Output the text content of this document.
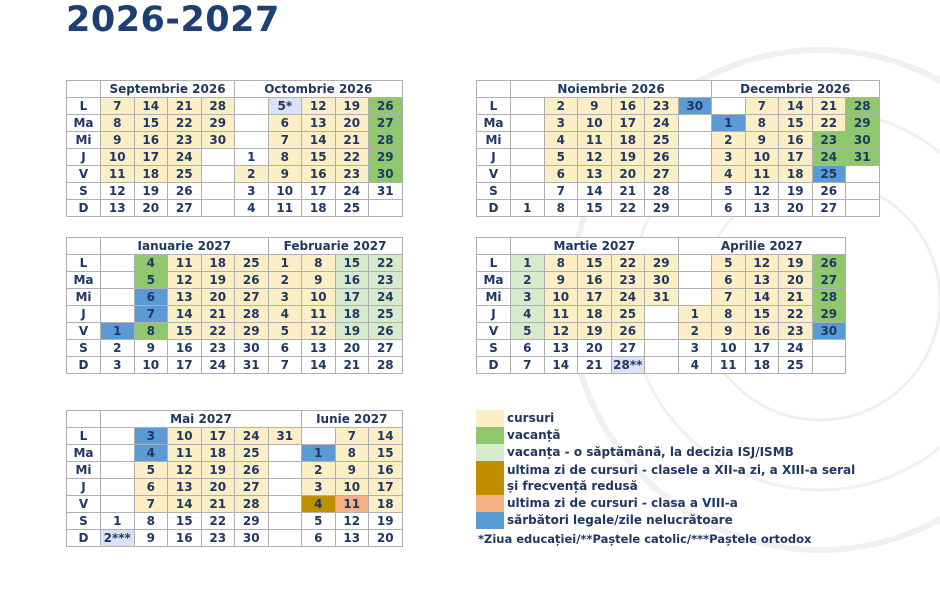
2026-2027
	Septembrie 2026				Octombrie 2026				
L	7	14	21	28		5*	12	19	26
Ma	8	15	22	29		6	13	20	27
Mi	9	16	23	30		7	14	21	28
J	10	17	24		1	8	15	22	29
V	11	18	25		2	9	16	23	30
S	12	19	26		3	10	17	24	31
D	13	20	27		4	11	18	25	
	Noiembrie 2026						Decembrie 2026				
L		2	9	16	23	30		7	14	21	28
Ma		3	10	17	24		1	8	15	22	29
Mi		4	11	18	25		2	9	16	23	30
J		5	12	19	26		3	10	17	24	31
V		6	13	20	27		4	11	18	25	
S		7	14	21	28		5	12	19	26	
D	1	8	15	22	29		6	13	20	27	
	Ianuarie 2027					Februarie 2027			
L		4	11	18	25	1	8	15	22
Ma		5	12	19	26	2	9	16	23
Mi		6	13	20	27	3	10	17	24
J		7	14	21	28	4	11	18	25
V	1	8	15	22	29	5	12	19	26
S	2	9	16	23	30	6	13	20	27
D	3	10	17	24	31	7	14	21	28
	Martie 2027					Aprilie 2027				
L	1	8	15	22	29		5	12	19	26
Ma	2	9	16	23	30		6	13	20	27
Mi	3	10	17	24	31		7	14	21	28
J	4	11	18	25		1	8	15	22	29
V	5	12	19	26		2	9	16	23	30
S	6	13	20	27		3	10	17	24	
D	7	14	21	28**		4	11	18	25	
	Mai 2027						Iunie 2027		
L		3	10	17	24	31		7	14
Ma		4	11	18	25		1	8	15
Mi		5	12	19	26		2	9	16
J		6	13	20	27		3	10	17
V		7	14	21	28		4	11	18
S	1	8	15	22	29		5	12	19
D	2***	9	16	23	30		6	13	20
cursuri
vacanță
vacanța - o săptămână, la decizia ISJ/ISMB
ultima zi de cursuri - clasele a XII-a zi, a XIII-a seral și frecvență redusă
ultima zi de cursuri - clasa a VIII-a
sărbători legale/zile nelucrătoare
*Ziua educației/**Paștele catolic/***Paștele ortodox
